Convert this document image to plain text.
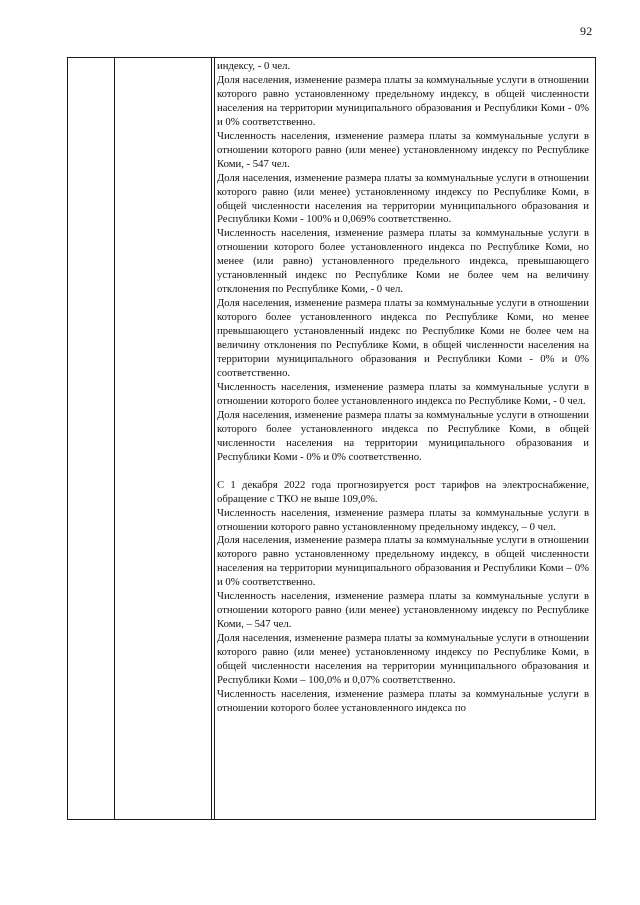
92

индексу, - 0 чел.

Доля населения, изменение размера платы за коммунальные услуги в отношении которого равно установленному предельному индексу, в общей численности населения на территории муниципального образования и Республики Коми - 0% и 0% соответственно.

Численность населения, изменение размера платы за коммунальные услуги в отношении которого равно (или менее) установленному индексу по Республике Коми, - 547 чел.

Доля населения, изменение размера платы за коммунальные услуги в отношении которого равно (или менее) установленному индексу по Республике Коми, в общей численности населения на территории муниципального образования и Республики Коми - 100% и 0,069% соответственно.

Численность населения, изменение размера платы за коммунальные услуги в отношении которого более установленного индекса по Республике Коми, но менее (или равно) установленного предельного индекса, превышающего установленный индекс по Республике Коми не более чем на величину отклонения по Республике Коми, - 0 чел.

Доля населения, изменение размера платы за коммунальные услуги в отношении которого более установленного индекса по Республике Коми, но менее превышающего установленный индекс по Республике Коми не более чем на величину отклонения по Республике Коми, в общей численности населения на территории муниципального образования и Республики Коми - 0% и 0% соответственно.

Численность населения, изменение размера платы за коммунальные услуги в отношении которого более установленного индекса по Республике Коми, - 0 чел.

Доля населения, изменение размера платы за коммунальные услуги в отношении которого более установленного индекса по Республике Коми, в общей численности населения на территории муниципального образования и Республики Коми - 0% и 0% соответственно.

С 1 декабря 2022 года прогнозируется рост тарифов на электроснабжение, обращение с ТКО не выше 109,0%.

Численность населения, изменение размера платы за коммунальные услуги в отношении которого равно установленному предельному индексу, – 0 чел.

Доля населения, изменение размера платы за коммунальные услуги в отношении которого равно установленному предельному индексу, в общей численности населения на территории муниципального образования и Республики Коми – 0% и 0% соответственно.

Численность населения, изменение размера платы за коммунальные услуги в отношении которого равно (или менее) установленному индексу по Республике Коми, – 547 чел.

Доля населения, изменение размера платы за коммунальные услуги в отношении которого равно (или менее) установленному индексу по Республике Коми, в общей численности населения на территории муниципального образования и Республики Коми – 100,0% и 0,07% соответственно.

Численность населения, изменение размера платы за коммунальные услуги в отношении которого более установленного индекса по
